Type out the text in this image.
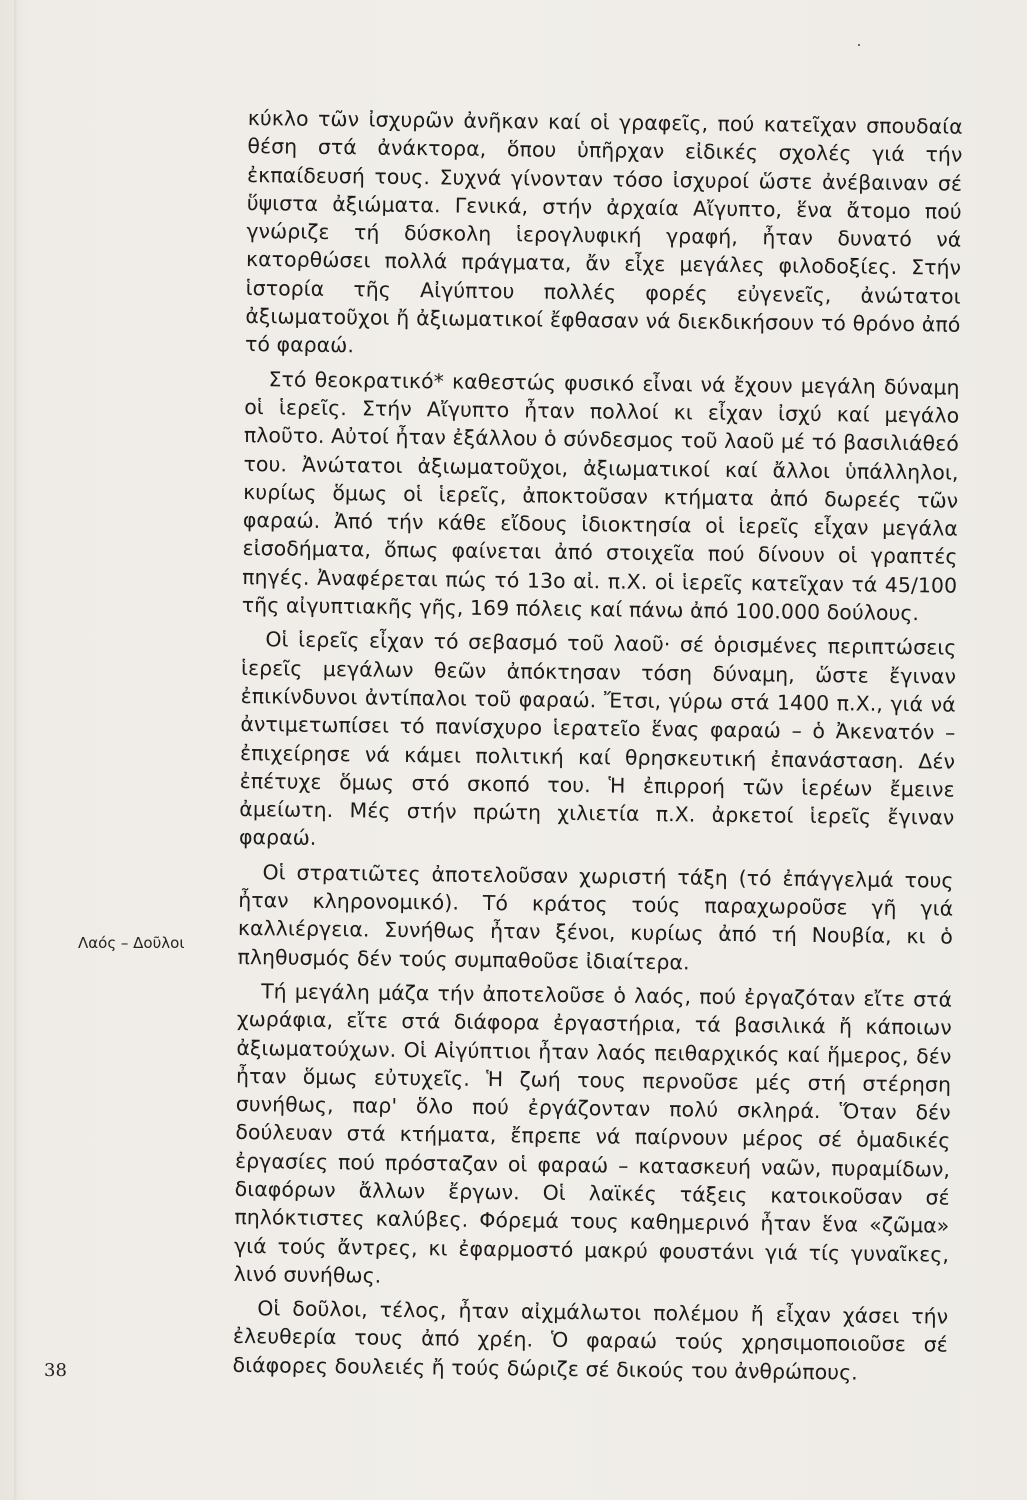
κύκλο τῶν ἰσχυρῶν ἀνῆκαν καί οἱ γραφεῖς, πού κατεῖχαν σπουδαία θέση στά ἀνάκτορα, ὅπου ὑπῆρχαν εἰδικές σχολές γιά τήν ἐκπαίδευσή τους. Συχνά γίνονταν τόσο ἰσχυροί ὥστε ἀνέβαιναν σέ ὕψιστα ἀξιώματα. Γενικά, στήν ἀρχαία Αἴγυπτο, ἕνα ἄτομο πού γνώριζε τή δύσκολη ἱερογλυφική γραφή, ἦταν δυνατό νά κατορθώσει πολλά πράγματα, ἄν εἶχε μεγάλες φιλοδοξίες. Στήν ἱστορία τῆς Αἰγύπτου πολλές φορές εὐγενεῖς, ἀνώτατοι ἀξιωματοῦχοι ἤ ἀξιωματικοί ἔφθασαν νά διεκδικήσουν τό θρόνο ἀπό τό φαραώ.

Στό θεοκρατικό* καθεστώς φυσικό εἶναι νά ἔχουν μεγάλη δύναμη οἱ ἱερεῖς. Στήν Αἴγυπτο ἦταν πολλοί κι εἶχαν ἰσχύ καί μεγάλο πλοῦτο. Αὐτοί ἦταν ἐξάλλου ὁ σύνδεσμος τοῦ λαοῦ μέ τό βασιλιάθεό του. Ἀνώτατοι ἀξιωματοῦχοι, ἀξιωματικοί καί ἄλλοι ὑπάλληλοι, κυρίως ὅμως οἱ ἱερεῖς, ἀποκτοῦσαν κτήματα ἀπό δωρεές τῶν φαραώ. Ἀπό τήν κάθε εἴδους ἰδιοκτησία οἱ ἱερεῖς εἶχαν μεγάλα εἰσοδήματα, ὅπως φαίνεται ἀπό στοιχεῖα πού δίνουν οἱ γραπτές πηγές. Ἀναφέρεται πώς τό 13ο αἰ. π.Χ. οἱ ἱερεῖς κατεῖχαν τά 45/100 τῆς αἰγυπτιακῆς γῆς, 169 πόλεις καί πάνω ἀπό 100.000 δούλους.

Οἱ ἱερεῖς εἶχαν τό σεβασμό τοῦ λαοῦ· σέ ὁρισμένες περιπτώσεις ἱερεῖς μεγάλων θεῶν ἀπόκτησαν τόση δύναμη, ὥστε ἔγιναν ἐπικίνδυνοι ἀντίπαλοι τοῦ φαραώ. Ἔτσι, γύρω στά 1400 π.Χ., γιά νά ἀντιμετωπίσει τό πανίσχυρο ἱερατεῖο ἕνας φαραώ – ὁ Ἀκενατόν – ἐπιχείρησε νά κάμει πολιτική καί θρησκευτική ἐπανάσταση. Δέν ἐπέτυχε ὅμως στό σκοπό του. Ἡ ἐπιρροή τῶν ἱερέων ἔμεινε ἀμείωτη. Μές στήν πρώτη χιλιετία π.Χ. ἀρκετοί ἱερεῖς ἔγιναν φαραώ.

Οἱ στρατιῶτες ἀποτελοῦσαν χωριστή τάξη (τό ἐπάγγελμά τους ἦταν κληρονομικό). Τό κράτος τούς παραχωροῦσε γῆ γιά καλλιέργεια. Συνήθως ἦταν ξένοι, κυρίως ἀπό τή Νουβία, κι ὁ πληθυσμός δέν τούς συμπαθοῦσε ἰδιαίτερα.

Τή μεγάλη μάζα τήν ἀποτελοῦσε ὁ λαός, πού ἐργαζόταν εἴτε στά χωράφια, εἴτε στά διάφορα ἐργαστήρια, τά βασιλικά ἤ κάποιων ἀξιωματούχων. Οἱ Αἰγύπτιοι ἦταν λαός πειθαρχικός καί ἥμερος, δέν ἦταν ὅμως εὐτυχεῖς. Ἡ ζωή τους περνοῦσε μές στή στέρηση συνήθως, παρ' ὅλο πού ἐργάζονταν πολύ σκληρά. Ὅταν δέν δούλευαν στά κτήματα, ἔπρεπε νά παίρνουν μέρος σέ ὁμαδικές ἐργασίες πού πρόσταζαν οἱ φαραώ – κατασκευή ναῶν, πυραμίδων, διαφόρων ἄλλων ἔργων. Οἱ λαϊκές τάξεις κατοικοῦσαν σέ πηλόκτιστες καλύβες. Φόρεμά τους καθημερινό ἦταν ἕνα «ζῶμα» γιά τούς ἄντρες, κι ἐφαρμοστό μακρύ φουστάνι γιά τίς γυναῖκες, λινό συνήθως.

Οἱ δοῦλοι, τέλος, ἦταν αἰχμάλωτοι πολέμου ἤ εἶχαν χάσει τήν ἐλευθερία τους ἀπό χρέη. Ὁ φαραώ τούς χρησιμοποιοῦσε σέ διάφορες δουλειές ἤ τούς δώριζε σέ δικούς του ἀνθρώπους.

Λαός – Δοῦλοι
38
